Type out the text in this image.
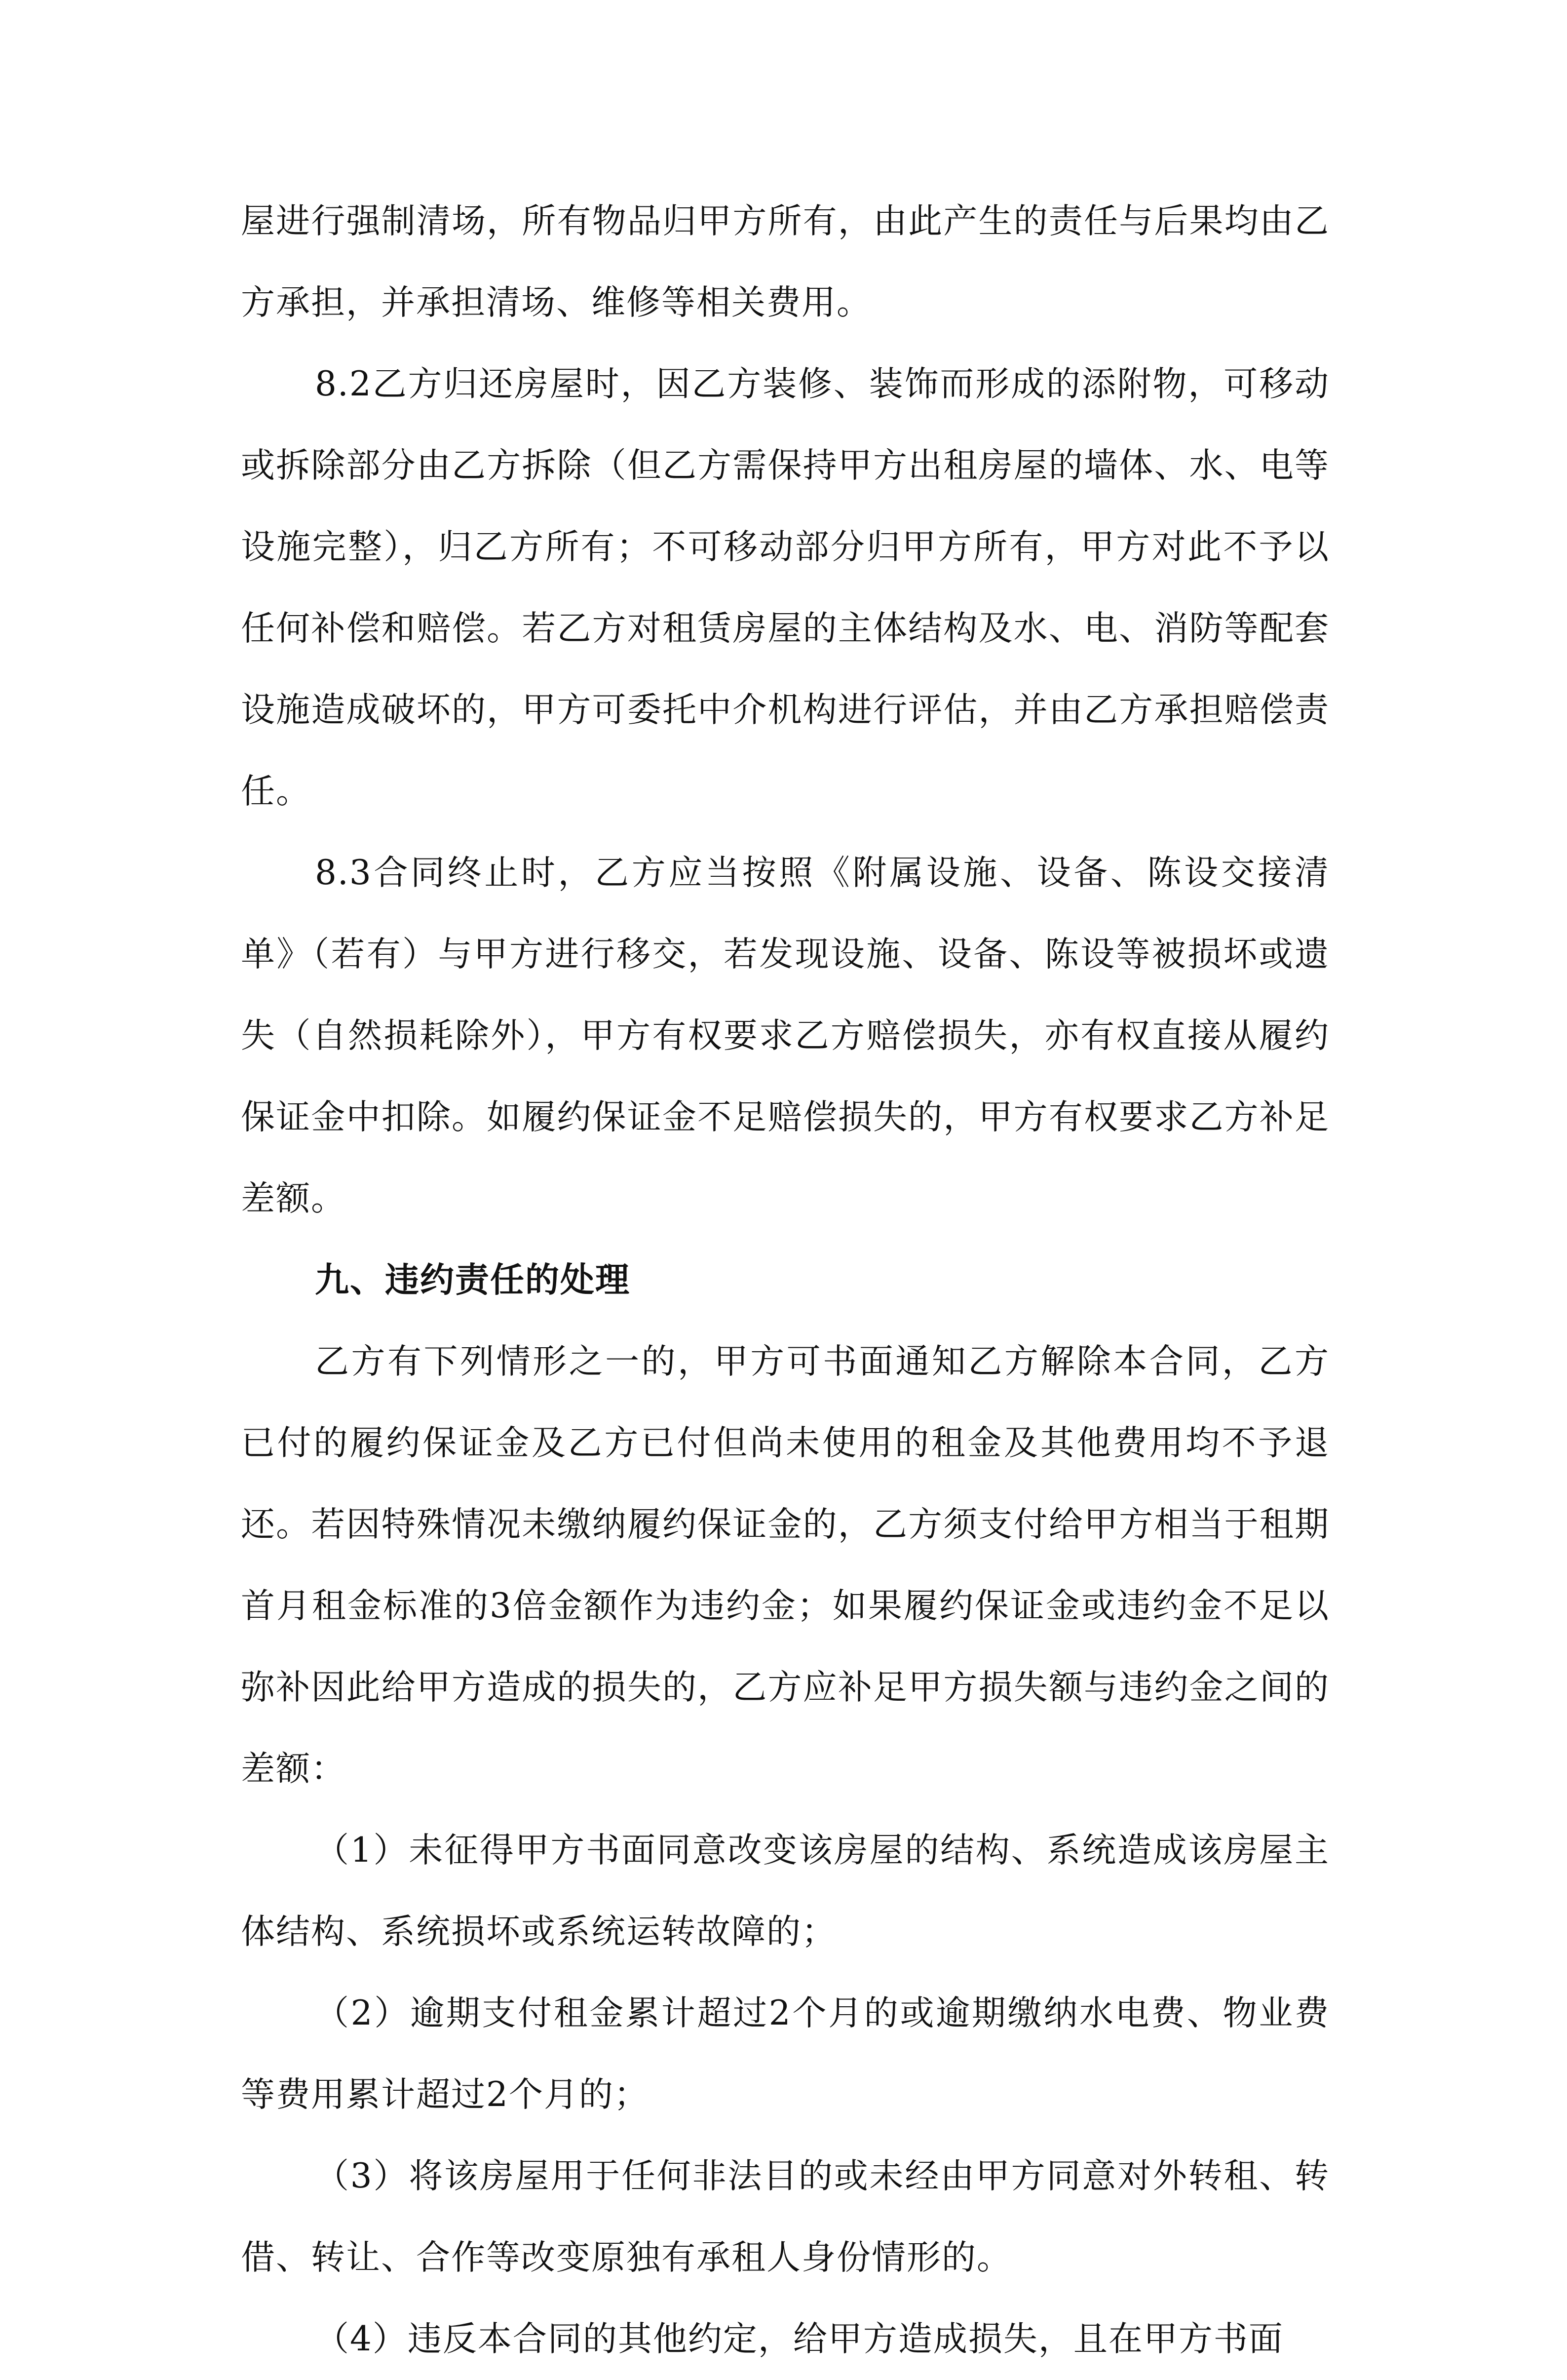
屋进行强制清场，所有物品归甲方所有，由此产生的责任与后果均由乙方承担，并承担清场、维修等相关费用。

8.2乙方归还房屋时，因乙方装修、装饰而形成的添附物，可移动或拆除部分由乙方拆除（但乙方需保持甲方出租房屋的墙体、水、电等设施完整），归乙方所有；不可移动部分归甲方所有，甲方对此不予以任何补偿和赔偿。若乙方对租赁房屋的主体结构及水、电、消防等配套设施造成破坏的，甲方可委托中介机构进行评估，并由乙方承担赔偿责任。

8.3合同终止时，乙方应当按照《附属设施、设备、陈设交接清单》（若有）与甲方进行移交，若发现设施、设备、陈设等被损坏或遗失（自然损耗除外），甲方有权要求乙方赔偿损失，亦有权直接从履约保证金中扣除。如履约保证金不足赔偿损失的，甲方有权要求乙方补足差额。

九、违约责任的处理

乙方有下列情形之一的，甲方可书面通知乙方解除本合同，乙方已付的履约保证金及乙方已付但尚未使用的租金及其他费用均不予退还。若因特殊情况未缴纳履约保证金的，乙方须支付给甲方相当于租期首月租金标准的3倍金额作为违约金；如果履约保证金或违约金不足以弥补因此给甲方造成的损失的，乙方应补足甲方损失额与违约金之间的差额：

（1）未征得甲方书面同意改变该房屋的结构、系统造成该房屋主体结构、系统损坏或系统运转故障的；

（2）逾期支付租金累计超过2个月的或逾期缴纳水电费、物业费等费用累计超过2个月的；

（3）将该房屋用于任何非法目的或未经由甲方同意对外转租、转借、转让、合作等改变原独有承租人身份情形的。

（4）违反本合同的其他约定，给甲方造成损失，且在甲方书面
